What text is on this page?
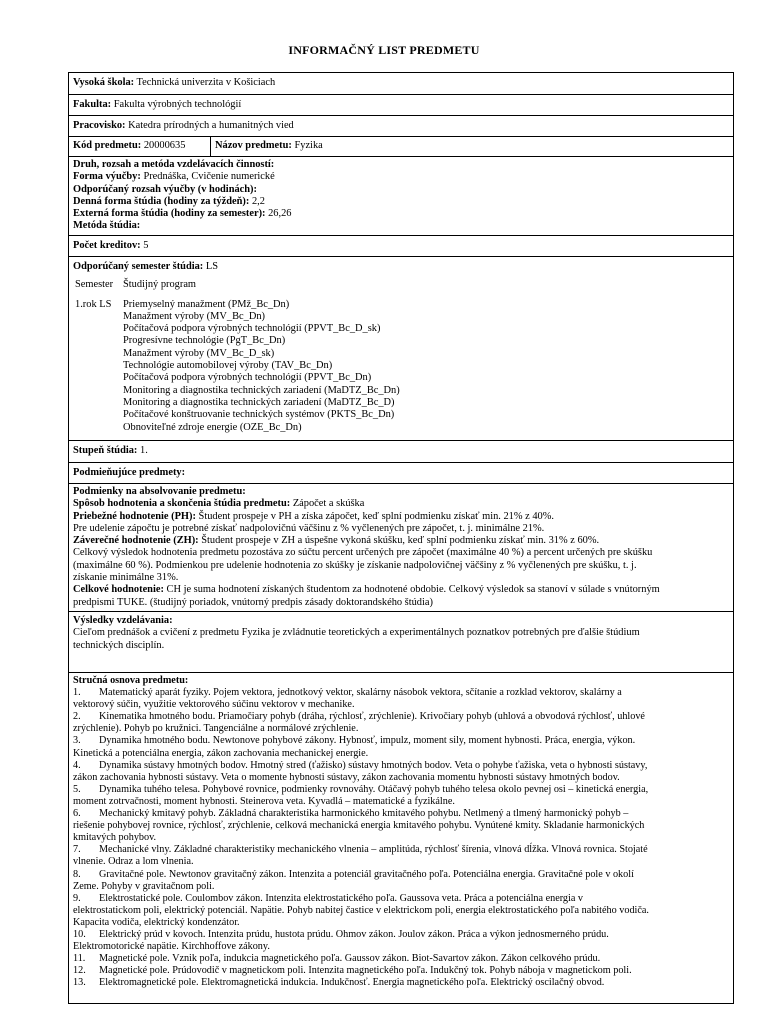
INFORMAČNÝ LIST PREDMETU
Vysoká škola: Technická univerzita v Košiciach
Fakulta: Fakulta výrobných technológií
Pracovisko: Katedra prírodných a humanitných vied
Kód predmetu: 20000635	Názov predmetu: Fyzika
Druh, rozsah a metóda vzdelávacích činností:
Forma výučby: Prednáška, Cvičenie numerické
Odporúčaný rozsah výučby (v hodinách):
Denná forma štúdia (hodiny za týždeň): 2,2
Externá forma štúdia (hodiny za semester): 26,26
Metóda štúdia:
Počet kreditov: 5
Odporúčaný semester štúdia: LS
Semester Študijný program
1.rok LS	Priemyselný manažment (PMž_Bc_Dn)
Manažment výroby (MV_Bc_Dn)
Počítačová podpora výrobných technológií (PPVT_Bc_D_sk)
Progresívne technológie (PgT_Bc_Dn)
Manažment výroby (MV_Bc_D_sk)
Technológie automobilovej výroby (TAV_Bc_Dn)
Počítačová podpora výrobných technológií (PPVT_Bc_Dn)
Monitoring a diagnostika technických zariadení (MaDTZ_Bc_Dn)
Monitoring a diagnostika technických zariadení (MaDTZ_Bc_D)
Počítačové konštruovanie technických systémov (PKTS_Bc_Dn)
Obnoviteľné zdroje energie (OZE_Bc_Dn)
Stupeň štúdia: 1.
Podmieňujúce predmety:
Podmienky na absolvovanie predmetu:
Spôsob hodnotenia a skončenia štúdia predmetu: Zápočet a skúška
Priebežné hodnotenie (PH): Študent prospeje v PH a získa zápočet, keď splní podmienku získať min. 21% z 40%.
Pre udelenie zápočtu je potrebné získať nadpolovičnú väčšinu z % vyčlenených pre zápočet, t. j. minimálne 21%.
Záverečné hodnotenie (ZH): Študent prospeje v ZH a úspešne vykoná skúšku, keď splní podmienku získať min. 31% z 60%.
Celkový výsledok hodnotenia predmetu pozostáva zo súčtu percent určených pre zápočet (maximálne 40 %) a percent určených pre skúšku
(maximálne 60 %). Podmienkou pre udelenie hodnotenia zo skúšky je získanie nadpolovičnej väčšiny z % vyčlenených pre skúšku, t. j.
získanie minimálne 31%.
Celkové hodnotenie: CH je suma hodnotení získaných študentom za hodnotené obdobie. Celkový výsledok sa stanoví v súlade s vnútorným
predpismi TUKE. (študijný poriadok, vnútorný predpis zásady doktorandského štúdia)
Výsledky vzdelávania:
Cieľom prednášok a cvičení z predmetu Fyzika je zvládnutie teoretických a experimentálnych poznatkov potrebných pre ďalšie štúdium
technických disciplín.
Stručná osnova predmetu:
1. Matematický aparát fyziky. Pojem vektora, jednotkový vektor, skalárny násobok vektora, sčítanie a rozklad vektorov, skalárny a
vektorový súčin, využitie vektorového súčinu vektorov v mechanike.
2. Kinematika hmotného bodu. Priamočiary pohyb (dráha, rýchlosť, zrýchlenie). Krivočiary pohyb (uhlová a obvodová rýchlosť, uhlové
zrýchlenie). Pohyb po kružnici. Tangenciálne a normálové zrýchlenie.
3. Dynamika hmotného bodu. Newtonove pohybové zákony. Hybnosť, impulz, moment sily, moment hybnosti. Práca, energia, výkon.
Kinetická a potenciálna energia, zákon zachovania mechanickej energie.
4. Dynamika sústavy hmotných bodov. Hmotný stred (ťažisko) sústavy hmotných bodov. Veta o pohybe ťažiska, veta o hybnosti sústavy,
zákon zachovania hybnosti sústavy. Veta o momente hybnosti sústavy, zákon zachovania momentu hybnosti sústavy hmotných bodov.
5. Dynamika tuhého telesa. Pohybové rovnice, podmienky rovnováhy. Otáčavý pohyb tuhého telesa okolo pevnej osi – kinetická energia,
moment zotrvačnosti, moment hybnosti. Steinerova veta. Kyvadlá – matematické a fyzikálne.
6. Mechanický kmitavý pohyb. Základná charakteristika harmonického kmitavého pohybu. Netlmený a tlmený harmonický pohyb –
riešenie pohybovej rovnice, rýchlosť, zrýchlenie, celková mechanická energia kmitavého pohybu. Vynútené kmity. Skladanie harmonických
kmitavých pohybov.
7. Mechanické vlny. Základné charakteristiky mechanického vlnenia – amplitúda, rýchlosť šírenia, vlnová dĺžka. Vlnová rovnica. Stojaté
vlnenie. Odraz a lom vlnenia.
8. Gravitačné pole. Newtonov gravitačný zákon. Intenzita a potenciál gravitačného poľa. Potenciálna energia. Gravitačné pole v okolí
Zeme. Pohyby v gravitačnom poli.
9. Elektrostatické pole. Coulombov zákon. Intenzita elektrostatického poľa. Gaussova veta. Práca a potenciálna energia v
elektrostatickom poli, elektrický potenciál. Napätie. Pohyb nabitej častice v elektrickom poli, energia elektrostatického poľa nabitého vodiča.
Kapacita vodiča, elektrický kondenzátor.
10. Elektrický prúd v kovoch. Intenzita prúdu, hustota prúdu. Ohmov zákon. Joulov zákon. Práca a výkon jednosmerného prúdu.
Elektromotorické napätie. Kirchhoffove zákony.
11. Magnetické pole. Vznik poľa, indukcia magnetického poľa. Gaussov zákon. Biot-Savartov zákon. Zákon celkového prúdu.
12. Magnetické pole. Prúdovodič v magnetickom poli. Intenzita magnetického poľa. Indukčný tok. Pohyb náboja v magnetickom poli.
13. Elektromagnetické pole. Elektromagnetická indukcia. Indukčnosť. Energia magnetického poľa. Elektrický oscilačný obvod.
